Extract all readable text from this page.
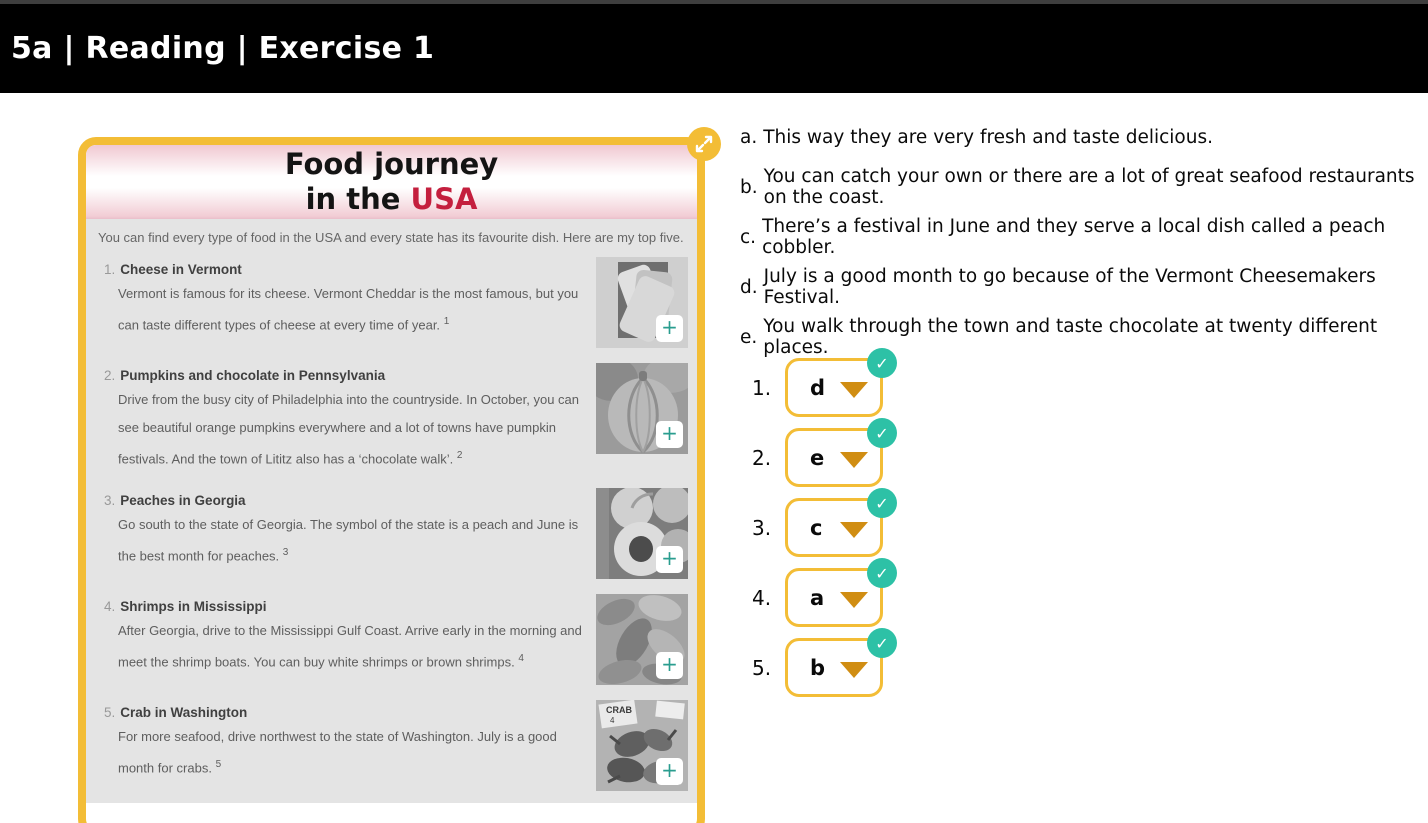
5a | Reading | Exercise 1
Food journey
in the USA
You can find every type of food in the USA and every state has its favourite dish. Here are my top five.
1. Cheese in Vermont
Vermont is famous for its cheese. Vermont Cheddar is the most famous, but you can taste different types of cheese at every time of year. $^1$	+
2. Pumpkins and chocolate in Pennsylvania
Drive from the busy city of Philadelphia into the countryside. In October, you can see beautiful orange pumpkins everywhere and a lot of towns have pumpkin festivals. And the town of Lititz also has a ‘chocolate walk’. $^2$
+
3. Peaches in Georgia
Go south to the state of Georgia. The symbol of the state is a peach and June is the best month for peaches. $^3$	+
4. Shrimps in Mississippi
After Georgia, drive to the Mississippi Gulf Coast. Arrive early in the morning and meet the shrimp boats. You can buy white shrimps or brown shrimps. $^4$	+
5. Crab in Washington
For more seafood, drive northwest to the state of Washington. July is a good month for crabs. $^5$
CRAB
4
+
a. This way they are very fresh and taste delicious.
b. You can catch your own or there are a lot of great seafood restaurants on the coast.
c. There’s a festival in June and they serve a local dish called a peach cobbler.
d. July is a good month to go because of the Vermont Cheesemakers Festival.
e. You walk through the town and taste chocolate at twenty different places.
1.	d
✓
2.	e
✓
3.	c
✓
4.	a
✓
5.	b
✓
